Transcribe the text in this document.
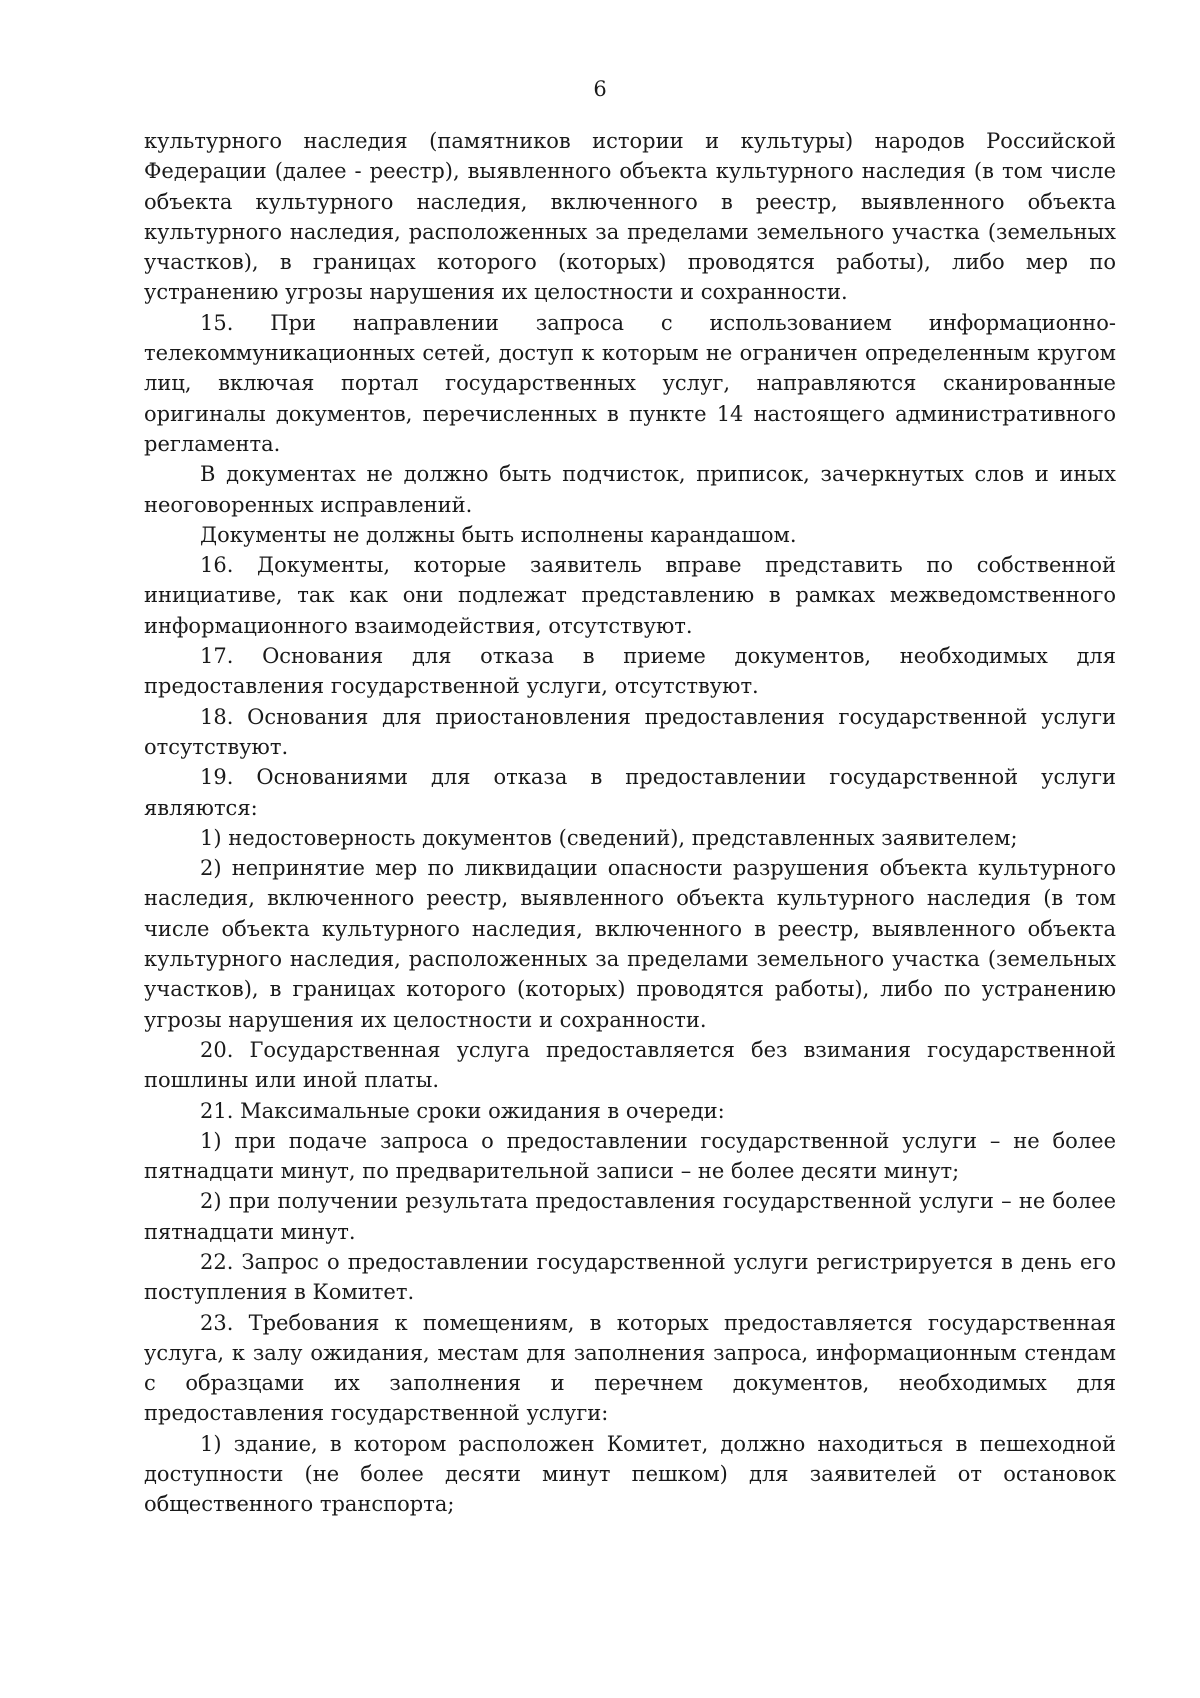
6

культурного наследия (памятников истории и культуры) народов Российской Федерации (далее - реестр), выявленного объекта культурного наследия (в том числе объекта культурного наследия, включенного в реестр, выявленного объекта культурного наследия, расположенных за пределами земельного участка (земельных участков), в границах которого (которых) проводятся работы), либо мер по устранению угрозы нарушения их целостности и сохранности.

15. При направлении запроса с использованием информационно-телекоммуникационных сетей, доступ к которым не ограничен определенным кругом лиц, включая портал государственных услуг, направляются сканированные оригиналы документов, перечисленных в пункте 14 настоящего административного регламента.

В документах не должно быть подчисток, приписок, зачеркнутых слов и иных неоговоренных исправлений.

Документы не должны быть исполнены карандашом.

16. Документы, которые заявитель вправе представить по собственной инициативе, так как они подлежат представлению в рамках межведомственного информационного взаимодействия, отсутствуют.

17. Основания для отказа в приеме документов, необходимых для предоставления государственной услуги, отсутствуют.

18. Основания для приостановления предоставления государственной услуги отсутствуют.

19. Основаниями для отказа в предоставлении государственной услуги являются:

1) недостоверность документов (сведений), представленных заявителем;

2) непринятие мер по ликвидации опасности разрушения объекта культурного наследия, включенного реестр, выявленного объекта культурного наследия (в том числе объекта культурного наследия, включенного в реестр, выявленного объекта культурного наследия, расположенных за пределами земельного участка (земельных участков), в границах которого (которых) проводятся работы), либо по устранению угрозы нарушения их целостности и сохранности.

20. Государственная услуга предоставляется без взимания государственной пошлины или иной платы.

21. Максимальные сроки ожидания в очереди:

1) при подаче запроса о предоставлении государственной услуги – не более пятнадцати минут, по предварительной записи – не более десяти минут;

2) при получении результата предоставления государственной услуги – не более пятнадцати минут.

22. Запрос о предоставлении государственной услуги регистрируется в день его поступления в Комитет.

23. Требования к помещениям, в которых предоставляется государственная услуга, к залу ожидания, местам для заполнения запроса, информационным стендам с образцами их заполнения и перечнем документов, необходимых для предоставления государственной услуги:

1) здание, в котором расположен Комитет, должно находиться в пешеходной доступности (не более десяти минут пешком) для заявителей от остановок общественного транспорта;
